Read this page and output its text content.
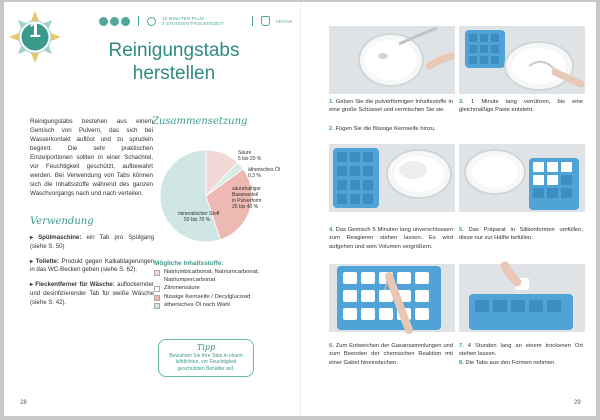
1
15 MINUTEN PLUS
4 STUNDEN TROCKENZEIT
VEGAN
Reinigungstabs herstellen

Reinigungstabs bestehen aus einem Gemisch von Pulvern, das sich bei Wasserkontakt auflöst und zu sprudeln beginnt. Die sehr praktischen Einzelportionen sollten in einer Schachtel, vor Feuchtigkeit geschützt, aufbewahrt werden. Bei Verwendung von Tabs können sich die Inhaltsstoffe während des ganzen Waschvorgangs nach und nach verteilen.

Zusammensetzung
Säure
5 bis 20 %
ätherisches Öl
0,3 %
säurehaltiger
Basenanteil
in Pulverform
25 bis 40 %
mineralischer Stoff
50 bis 70 %
Mögliche Inhaltsstoffe:
Natriumbicarbonat, Natriumcarbonat, Natriumpercarbonat
Zitronensäure
flüssige Kernseife / Decylglucosid
ätherisches Öl nach Wahl
Verwendung
▸ Spülmaschine: ein Tab pro Spülgang (siehe S. 50)
▸ Toilette: Produkt gegen Kalkablagerungen in das WC-Becken geben (siehe S. 62).
▸ Fleckentferner für Wäsche: auflockernder und desinfizierender Tab für weiße Wäsche (siehe S. 42).
Tipp
Bewahren Sie Ihre Tabs in einem luftdichten, vor Feuchtigkeit geschützten Behälter auf.
28

1. Geben Sie die pulverförmigen Inhaltsstoffe in eine große Schüssel und vermischen Sie sie.

2. Fügen Sie die flüssige Kernseife hinzu.

3. 1 Minute lang verrühren, bis eine gleichmäßige Paste entsteht.

4. Das Gemisch 5 Minuten lang unverschlossen zum Reagieren stehen lassen. Es wird aufgehen und sein Volumen vergrößern.

5. Das Präparat in Silikonformen umfüllen, diese nur zur Hälfte befüllen.

6. Zum Entweichen der Gasansammlungen und zum Beenden der chemischen Reaktion mit einer Gabel hineinstechen.

7. 4 Stunden lang an einem trockenen Ort stehen lassen.

8. Die Tabs aus den Formen nehmen.

29
